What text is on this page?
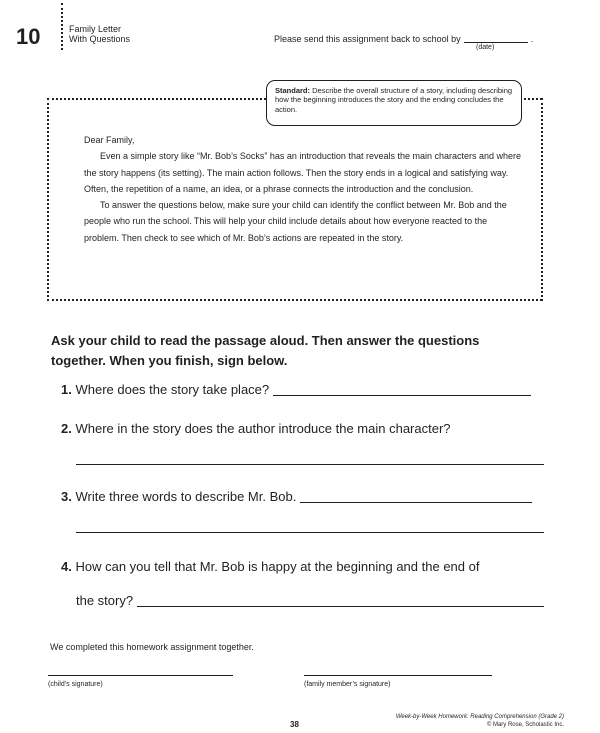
10	Family Letter
With Questions	Please send this assignment back to school by	.
(date)
Standard: Describe the overall structure of a story, including describing how the beginning introduces the story and the ending concludes the action.

Dear Family,

Even a simple story like “Mr. Bob’s Socks” has an introduction that reveals the main characters and where the story happens (its setting). The main action follows. Then the story ends in a logical and satisfying way. Often, the repetition of a name, an idea, or a phrase connects the introduction and the conclusion.

To answer the questions below, make sure your child can identify the conflict between Mr. Bob and the people who run the school. This will help your child include details about how everyone reacted to the problem. Then check to see which of Mr. Bob’s actions are repeated in the story.

Ask your child to read the passage aloud. Then answer the questions together. When you finish, sign below.
1. Where does the story take place?
2. Where in the story does the author introduce the main character?
3. Write three words to describe Mr. Bob.
4. How can you tell that Mr. Bob is happy at the beginning and the end of
the story?
We completed this homework assignment together.
(child’s signature)	(family member’s signature)
38
Week-by-Week Homework: Reading Comprehension (Grade 2)
© Mary Rose, Scholastic Inc.
